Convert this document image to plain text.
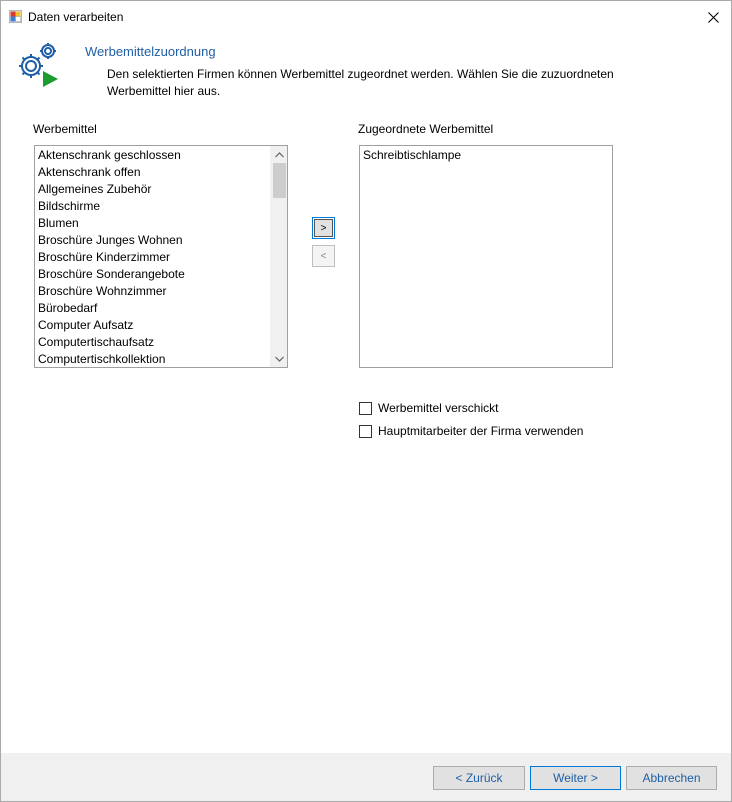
Daten verarbeiten
Werbemittelzuordnung
Den selektierten Firmen können Werbemittel zugeordnet werden. Wählen Sie die zuzuordneten Werbemittel hier aus.
Werbemittel
Aktenschrank geschlossen
Aktenschrank offen
Allgemeines Zubehör
Bildschirme
Blumen
Broschüre Junges Wohnen
Broschüre Kinderzimmer
Broschüre Sonderangebote
Broschüre Wohnzimmer
Bürobedarf
Computer Aufsatz
Computertischaufsatz
Computertischkollektion
>
<
Zugeordnete Werbemittel
Schreibtischlampe
Werbemittel verschickt
Hauptmitarbeiter der Firma verwenden
< Zurück	Weiter >	Abbrechen
